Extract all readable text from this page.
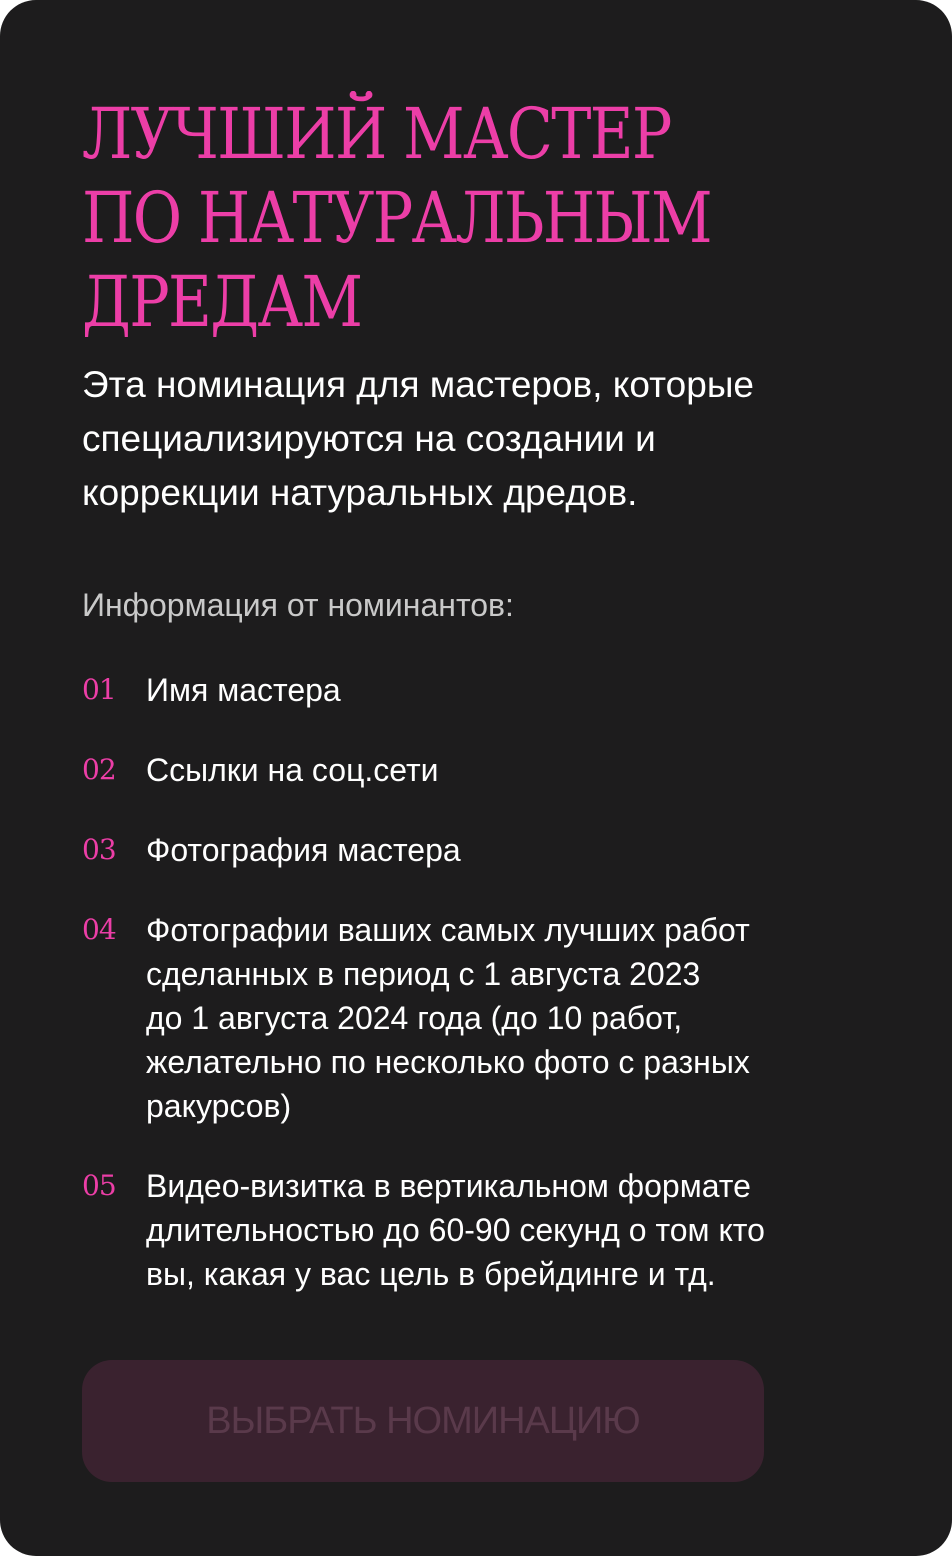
ЛУЧШИЙ МАСТЕР
ПО НАТУРАЛЬНЫМ
ДРЕДАМ

Эта номинация для мастеров, которые
специализируются на создании и
коррекции натуральных дредов.

Информация от номинантов:

01 Имя мастера
02 Ссылки на соц.сети
03 Фотография мастера
04 Фотографии ваших самых лучших работ
сделанных в период с 1 августа 2023
до 1 августа 2024 года (до 10 работ,
желательно по несколько фото с разных
ракурсов)
05 Видео-визитка в вертикальном формате
длительностью до 60-90 секунд о том кто
вы, какая у вас цель в брейдинге и тд.
ВЫБРАТЬ НОМИНАЦИЮ
